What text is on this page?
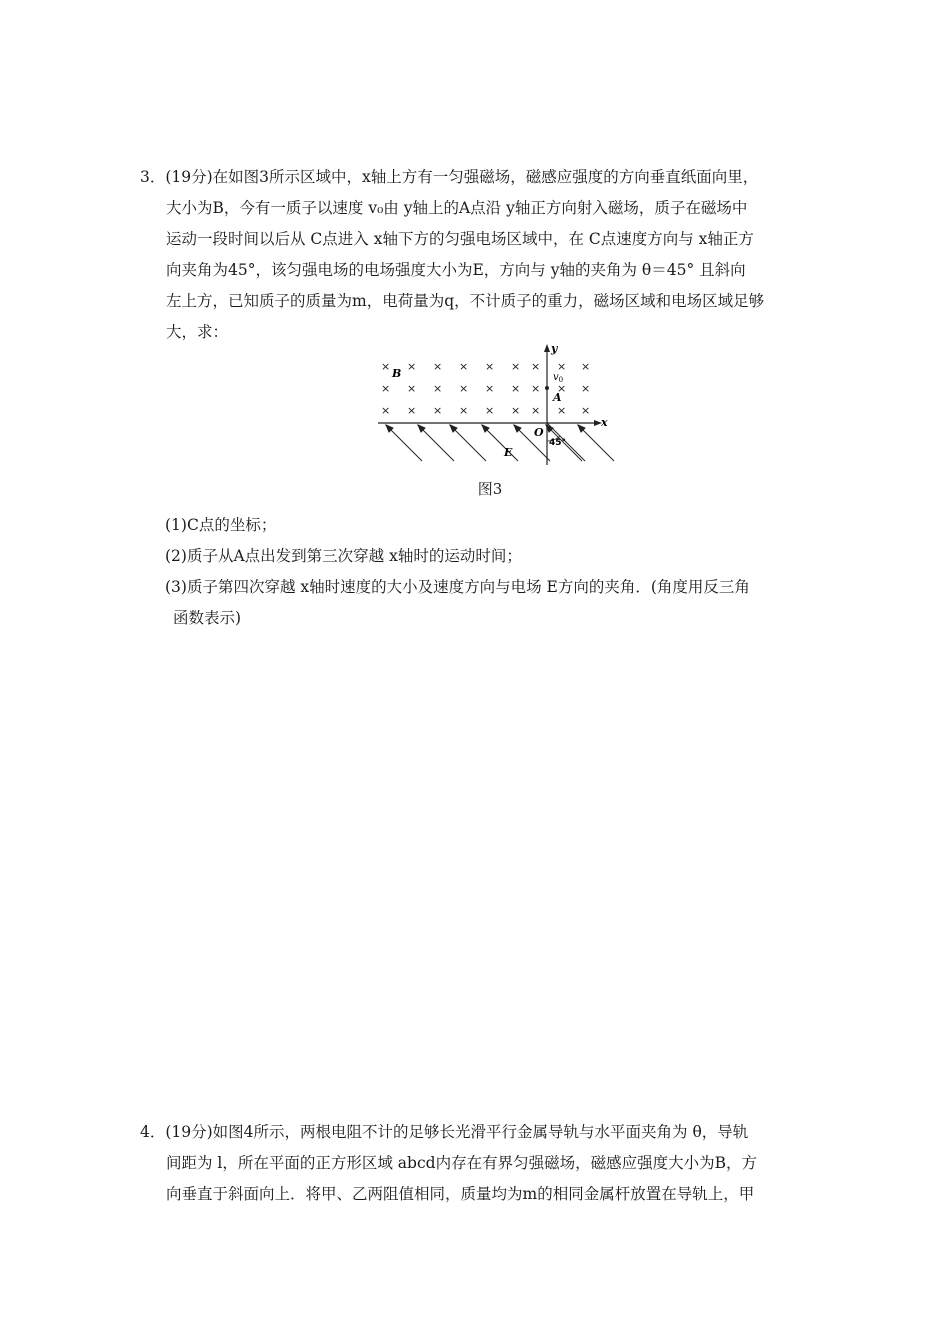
3．(19分)在如图3所示区域中，x轴上方有一匀强磁场，磁感应强度的方向垂直纸面向里，
大小为B，今有一质子以速度 v₀由 y轴上的A点沿 y轴正方向射入磁场，质子在磁场中
运动一段时间以后从 C点进入 x轴下方的匀强电场区域中，在 C点速度方向与 x轴正方
向夹角为45°，该匀强电场的电场强度大小为E，方向与 y轴的夹角为 θ＝45° 且斜向
左上方，已知质子的质量为m，电荷量为q，不计质子的重力，磁场区域和电场区域足够
大，求：
× × × × × × × × ×
× × × × × × × × ×
× × × × × × × × ×
y
x
B	$v_0$
A
O
45°
E
图3
(1)C点的坐标；
(2)质子从A点出发到第三次穿越 x轴时的运动时间；
(3)质子第四次穿越 x轴时速度的大小及速度方向与电场 E方向的夹角．(角度用反三角
函数表示)
4．(19分)如图4所示，两根电阻不计的足够长光滑平行金属导轨与水平面夹角为 θ，导轨
间距为 l，所在平面的正方形区域 abcd内存在有界匀强磁场，磁感应强度大小为B，方
向垂直于斜面向上．将甲、乙两阻值相同，质量均为m的相同金属杆放置在导轨上，甲
